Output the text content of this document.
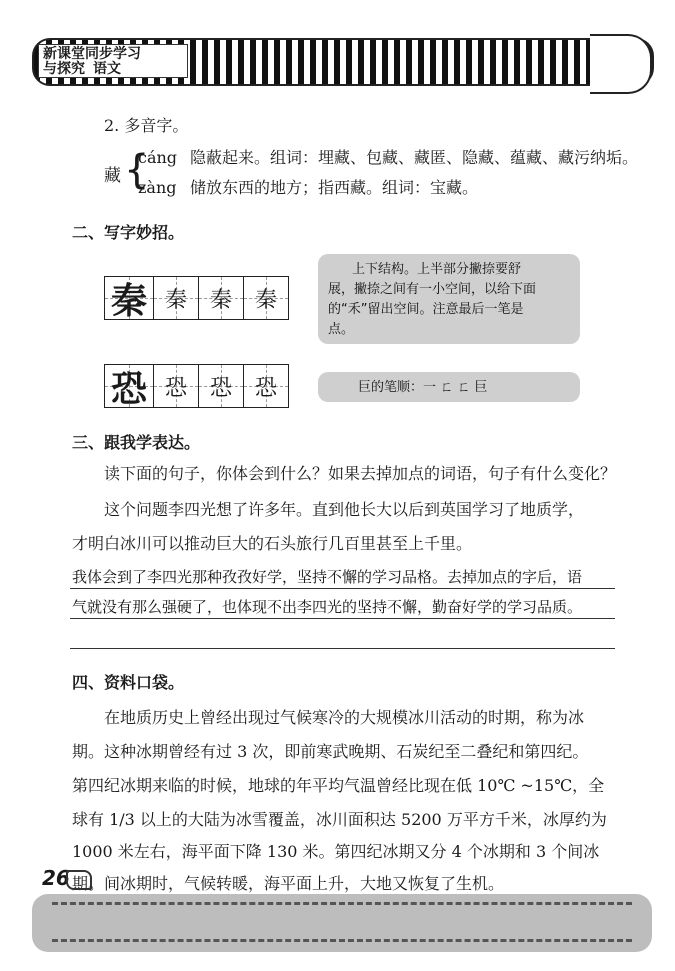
新课堂同步学习
与探究 语文
2. 多音字。
藏 {
cáng 隐蔽起来。组词：埋藏、包藏、藏匿、隐藏、蕴藏、藏污纳垢。
zàng 储放东西的地方；指西藏。组词：宝藏。
二、写字妙招。
秦 秦 秦 秦
上下结构。上半部分撇捺要舒
展，撇捺之间有一小空间，以给下面
的“禾”留出空间。注意最后一笔是
点。
恐 恐 恐 恐	巨的笔顺：一 ㄈ ㄈ 巨
三、跟我学表达。
读下面的句子，你体会到什么？如果去掉加点的词语，句子有什么变化？
这个问题李四光想了许多年。直到他长大以后到英国学习了地质学，
才明白冰川可以推动巨大的石头旅行几百里甚至上千里。
我体会到了李四光那种孜孜好学，坚持不懈的学习品格。去掉加点的字后，语
气就没有那么强硬了，也体现不出李四光的坚持不懈，勤奋好学的学习品质。
四、资料口袋。
在地质历史上曾经出现过气候寒冷的大规模冰川活动的时期，称为冰
期。这种冰期曾经有过 3 次，即前寒武晚期、石炭纪至二叠纪和第四纪。
第四纪冰期来临的时候，地球的年平均气温曾经比现在低 10℃ ~15℃，全
球有 1/3 以上的大陆为冰雪覆盖，冰川面积达 5200 万平方千米，冰厚约为
1000 米左右，海平面下降 130 米。第四纪冰期又分 4 个冰期和 3 个间冰
期。间冰期时，气候转暖，海平面上升，大地又恢复了生机。
26
